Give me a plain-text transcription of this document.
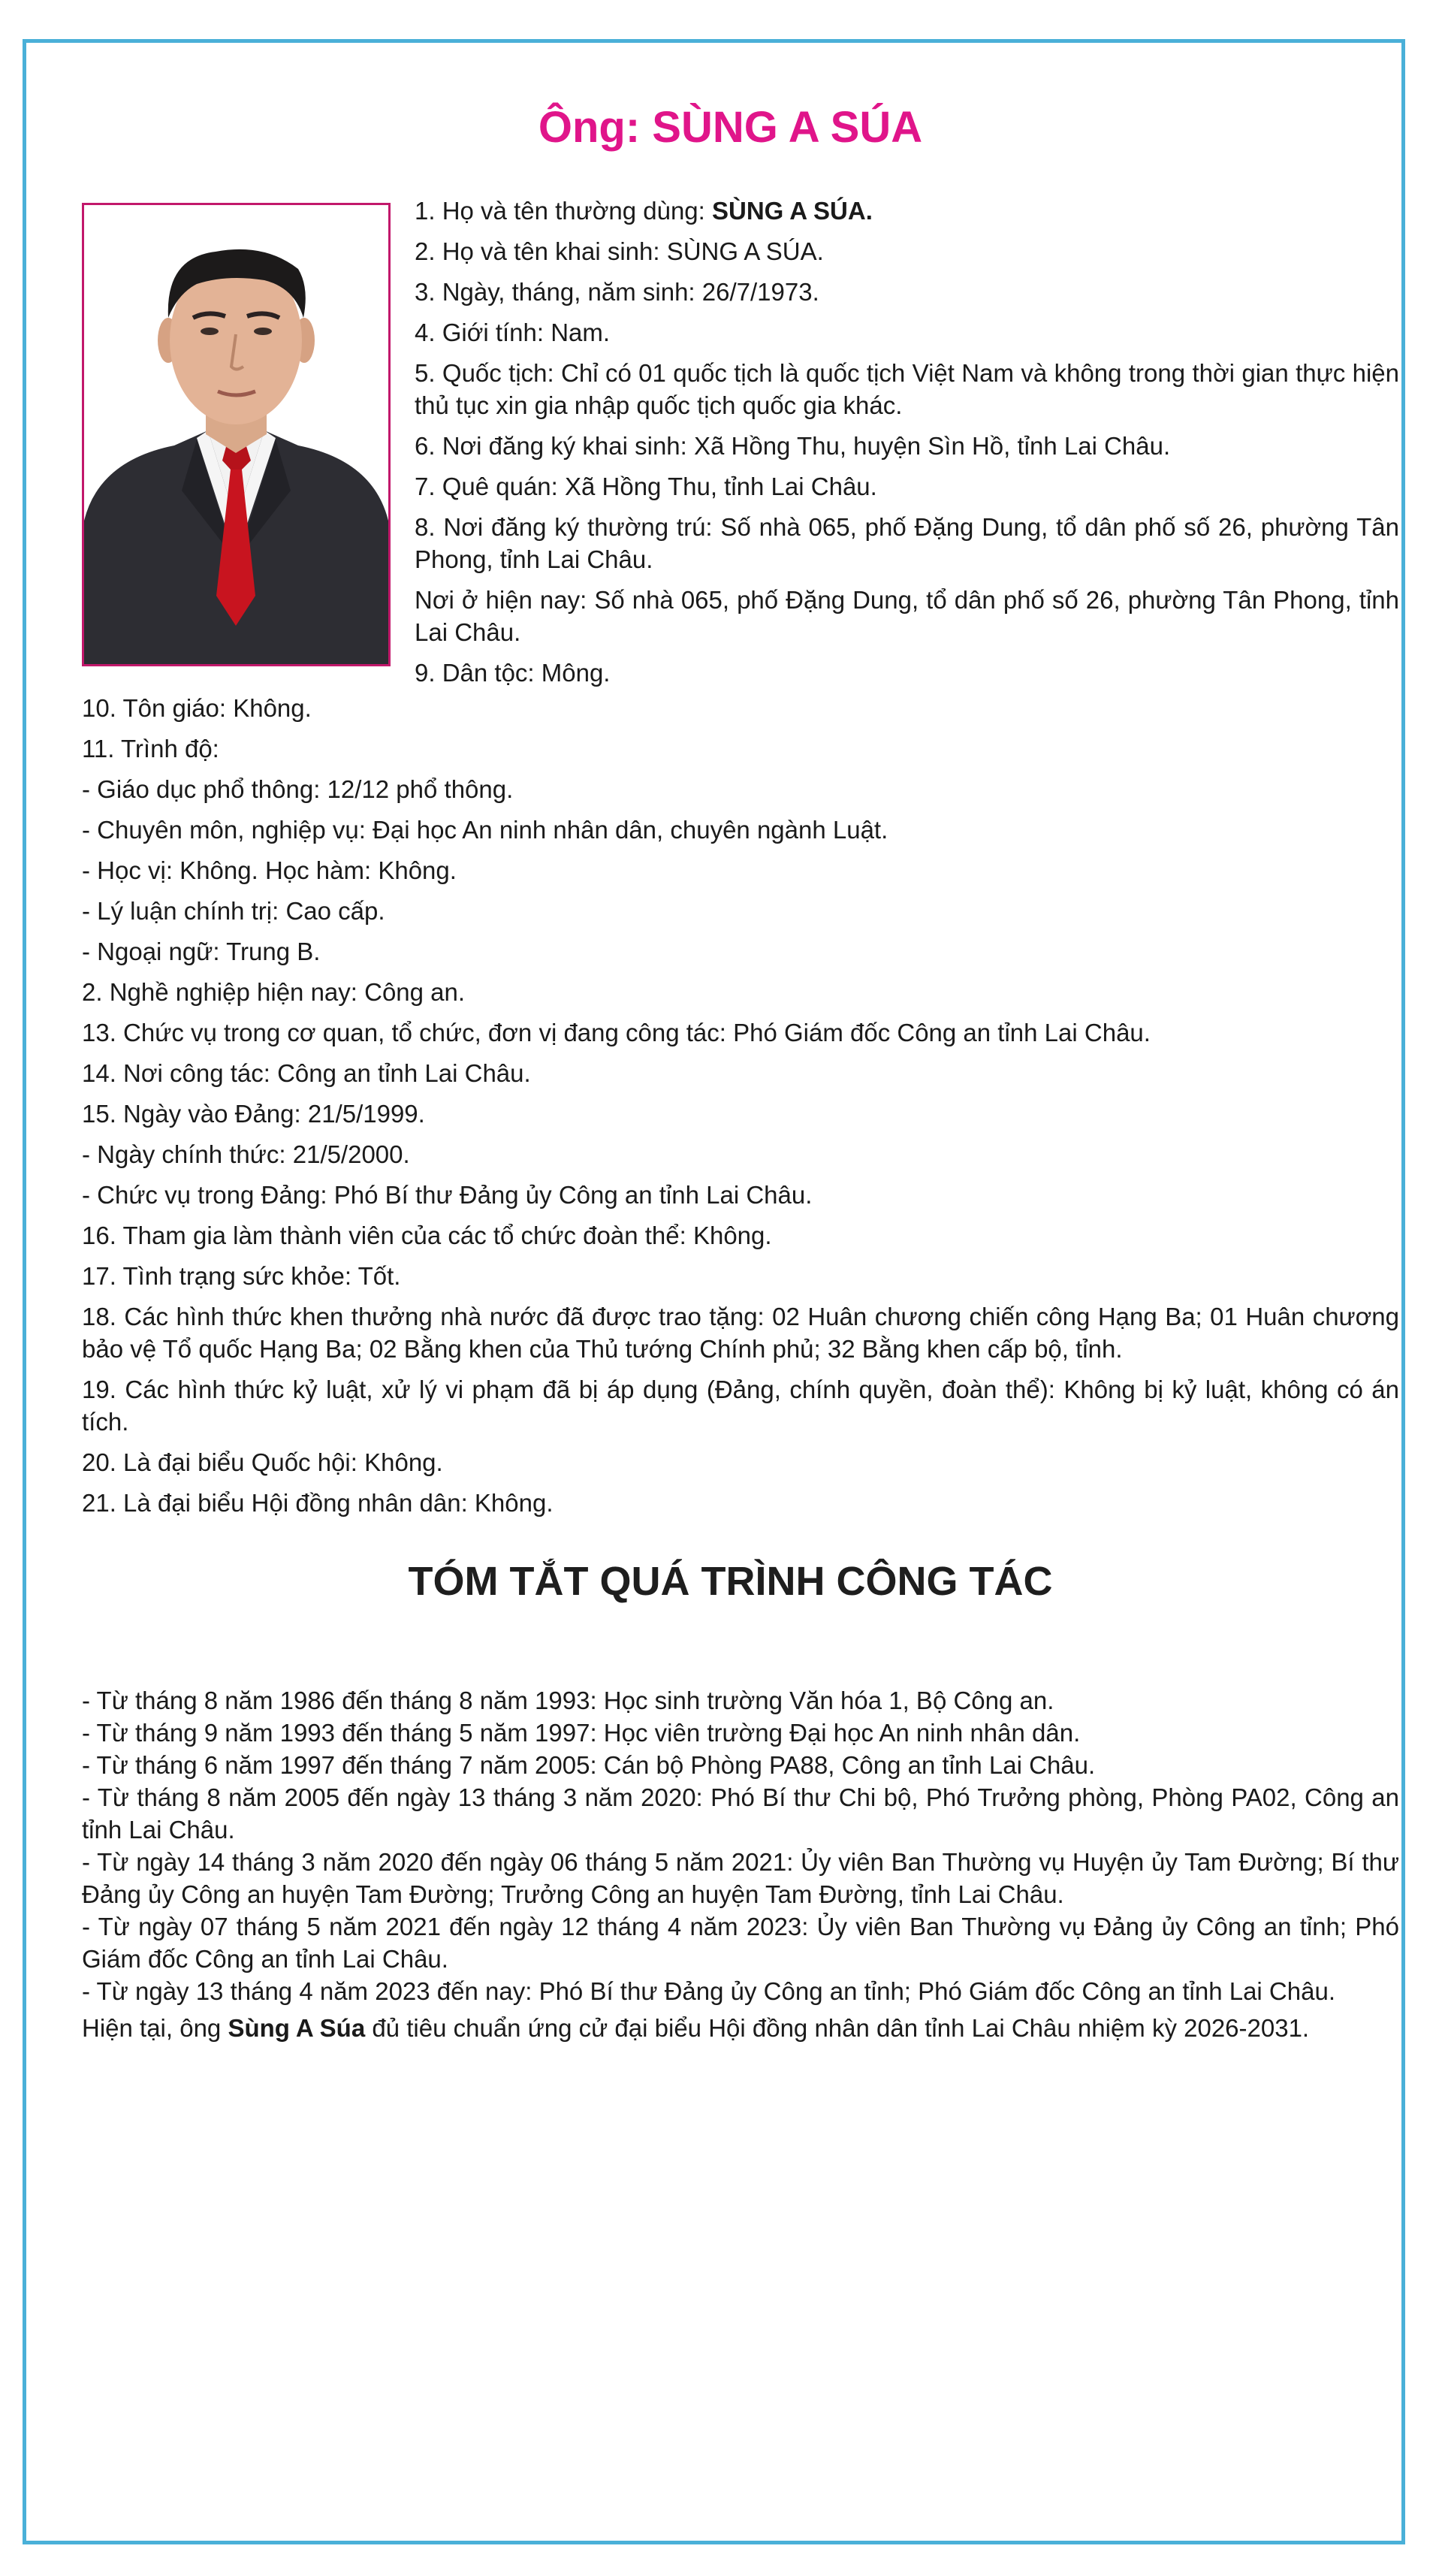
Ông: SÙNG A SÚA
1. Họ và tên thường dùng: SÙNG A SÚA.
2. Họ và tên khai sinh: SÙNG A SÚA.
3. Ngày, tháng, năm sinh: 26/7/1973.
4. Giới tính: Nam.
5. Quốc tịch: Chỉ có 01 quốc tịch là quốc tịch Việt Nam và không trong thời gian thực hiện thủ tục xin gia nhập quốc tịch quốc gia khác.
6. Nơi đăng ký khai sinh: Xã Hồng Thu, huyện Sìn Hồ, tỉnh Lai Châu.
7. Quê quán: Xã Hồng Thu, tỉnh Lai Châu.
8. Nơi đăng ký thường trú: Số nhà 065, phố Đặng Dung, tổ dân phố số 26, phường Tân Phong, tỉnh Lai Châu.
Nơi ở hiện nay: Số nhà 065, phố Đặng Dung, tổ dân phố số 26, phường Tân Phong, tỉnh Lai Châu.
9. Dân tộc: Mông.
10. Tôn giáo: Không.
11. Trình độ:
- Giáo dục phổ thông: 12/12 phổ thông.
- Chuyên môn, nghiệp vụ: Đại học An ninh nhân dân, chuyên ngành Luật.
- Học vị: Không. Học hàm: Không.
- Lý luận chính trị: Cao cấp.
- Ngoại ngữ: Trung B.
2. Nghề nghiệp hiện nay: Công an.
13. Chức vụ trong cơ quan, tổ chức, đơn vị đang công tác: Phó Giám đốc Công an tỉnh Lai Châu.
14. Nơi công tác: Công an tỉnh Lai Châu.
15. Ngày vào Đảng: 21/5/1999.
- Ngày chính thức: 21/5/2000.
- Chức vụ trong Đảng: Phó Bí thư Đảng ủy Công an tỉnh Lai Châu.
16. Tham gia làm thành viên của các tổ chức đoàn thể: Không.
17. Tình trạng sức khỏe: Tốt.
18. Các hình thức khen thưởng nhà nước đã được trao tặng: 02 Huân chương chiến công Hạng Ba; 01 Huân chương bảo vệ Tổ quốc Hạng Ba; 02 Bằng khen của Thủ tướng Chính phủ; 32 Bằng khen cấp bộ, tỉnh.
19. Các hình thức kỷ luật, xử lý vi phạm đã bị áp dụng (Đảng, chính quyền, đoàn thể): Không bị kỷ luật, không có án tích.
20. Là đại biểu Quốc hội: Không.
21. Là đại biểu Hội đồng nhân dân: Không.
TÓM TẮT QUÁ TRÌNH CÔNG TÁC
- Từ tháng 8 năm 1986 đến tháng 8 năm 1993: Học sinh trường Văn hóa 1, Bộ Công an.
- Từ tháng 9 năm 1993 đến tháng 5 năm 1997: Học viên trường Đại học An ninh nhân dân.
- Từ tháng 6 năm 1997 đến tháng 7 năm 2005: Cán bộ Phòng PA88, Công an tỉnh Lai Châu.
- Từ tháng 8 năm 2005 đến ngày 13 tháng 3 năm 2020: Phó Bí thư Chi bộ, Phó Trưởng phòng, Phòng PA02, Công an tỉnh Lai Châu.
- Từ ngày 14 tháng 3 năm 2020 đến ngày 06 tháng 5 năm 2021: Ủy viên Ban Thường vụ Huyện ủy Tam Đường; Bí thư Đảng ủy Công an huyện Tam Đường; Trưởng Công an huyện Tam Đường, tỉnh Lai Châu.
- Từ ngày 07 tháng 5 năm 2021 đến ngày 12 tháng 4 năm 2023: Ủy viên Ban Thường vụ Đảng ủy Công an tỉnh; Phó Giám đốc Công an tỉnh Lai Châu.
- Từ ngày 13 tháng 4 năm 2023 đến nay: Phó Bí thư Đảng ủy Công an tỉnh; Phó Giám đốc Công an tỉnh Lai Châu.
Hiện tại, ông Sùng A Súa đủ tiêu chuẩn ứng cử đại biểu Hội đồng nhân dân tỉnh Lai Châu nhiệm kỳ 2026-2031.
